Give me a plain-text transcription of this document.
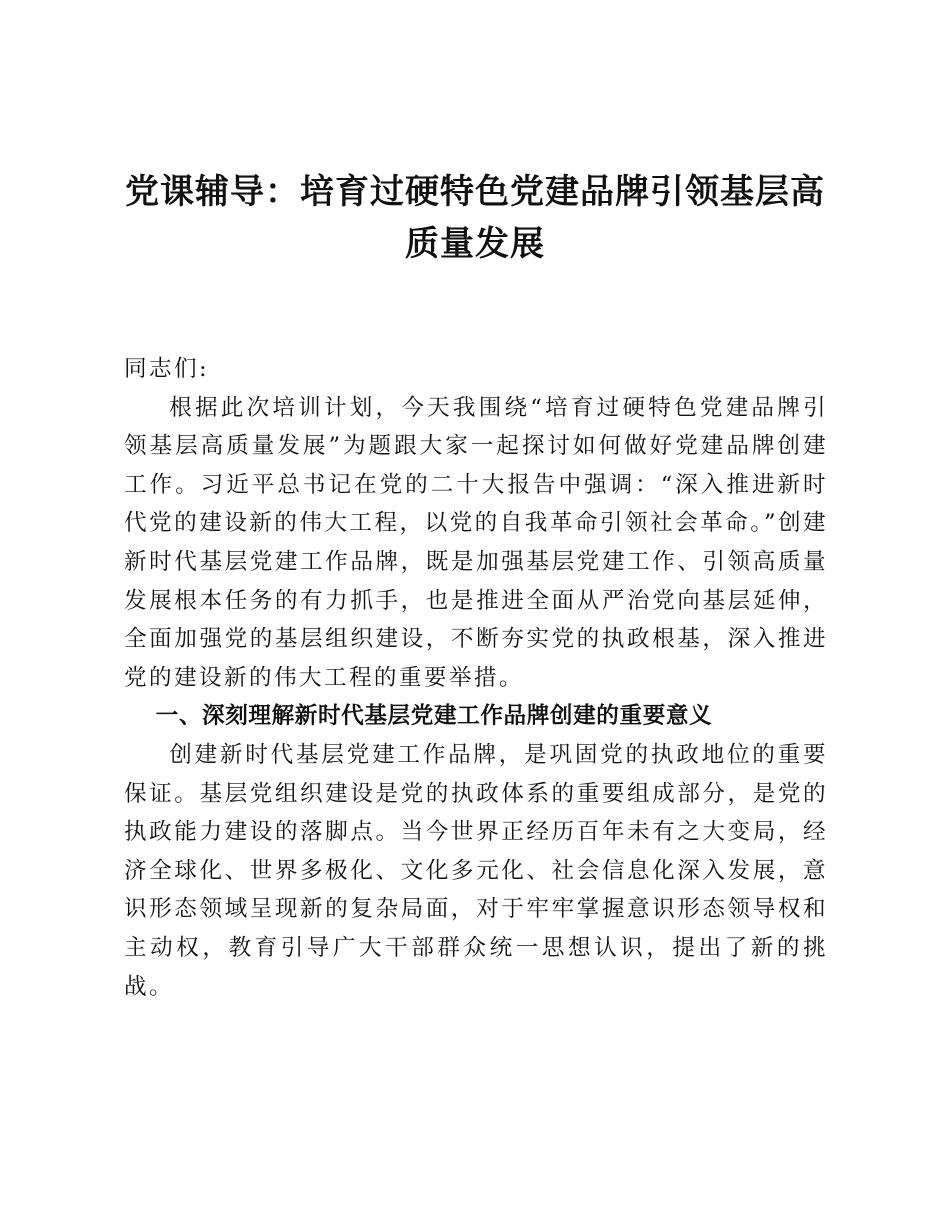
党课辅导：培育过硬特色党建品牌引领基层高质量发展

同志们:

根据此次培训计划，今天我围绕“培育过硬特色党建品牌引领基层高质量发展”为题跟大家一起探讨如何做好党建品牌创建工作。习近平总书记在党的二十大报告中强调：“深入推进新时代党的建设新的伟大工程，以党的自我革命引领社会革命。”创建新时代基层党建工作品牌，既是加强基层党建工作、引领高质量发展根本任务的有力抓手，也是推进全面从严治党向基层延伸，全面加强党的基层组织建设，不断夯实党的执政根基，深入推进党的建设新的伟大工程的重要举措。

一、深刻理解新时代基层党建工作品牌创建的重要意义

创建新时代基层党建工作品牌，是巩固党的执政地位的重要保证。基层党组织建设是党的执政体系的重要组成部分，是党的执政能力建设的落脚点。当今世界正经历百年未有之大变局，经济全球化、世界多极化、文化多元化、社会信息化深入发展，意识形态领域呈现新的复杂局面，对于牢牢掌握意识形态领导权和主动权，教育引导广大干部群众统一思想认识，提出了新的挑战。
